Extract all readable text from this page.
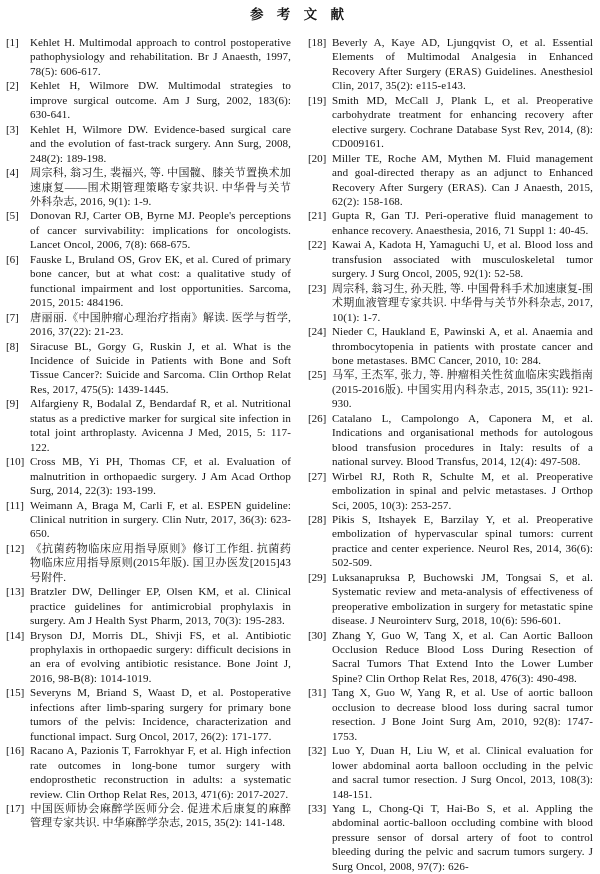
参 考 文 献
[1] Kehlet H. Multimodal approach to control postoperative pathophysiology and rehabilitation. Br J Anaesth, 1997, 78(5): 606-617.
[2] Kehlet H, Wilmore DW. Multimodal strategies to improve surgical outcome. Am J Surg, 2002, 183(6): 630-641.
[3] Kehlet H, Wilmore DW. Evidence-based surgical care and the evolution of fast-track surgery. Ann Surg, 2008, 248(2): 189-198.
[4] 周宗科, 翁习生, 裴福兴, 等. 中国髋、膝关节置换术加速康复——围术期管理策略专家共识. 中华骨与关节外科杂志, 2016, 9(1): 1-9.
[5] Donovan RJ, Carter OB, Byrne MJ. People's perceptions of cancer survivability: implications for oncologists. Lancet Oncol, 2006, 7(8): 668-675.
[6] Fauske L, Bruland OS, Grov EK, et al. Cured of primary bone cancer, but at what cost: a qualitative study of functional impairment and lost opportunities. Sarcoma, 2015, 2015: 484196.
[7] 唐丽丽.《中国肿瘤心理治疗指南》解读. 医学与哲学, 2016, 37(22): 21-23.
[8] Siracuse BL, Gorgy G, Ruskin J, et al. What is the Incidence of Suicide in Patients with Bone and Soft Tissue Cancer?: Suicide and Sarcoma. Clin Orthop Relat Res, 2017, 475(5): 1439-1445.
[9] Alfargieny R, Bodalal Z, Bendardaf R, et al. Nutritional status as a predictive marker for surgical site infection in total joint arthroplasty. Avicenna J Med, 2015, 5: 117-122.
[10] Cross MB, Yi PH, Thomas CF, et al. Evaluation of malnutrition in orthopaedic surgery. J Am Acad Orthop Surg, 2014, 22(3): 193-199.
[11] Weimann A, Braga M, Carli F, et al. ESPEN guideline: Clinical nutrition in surgery. Clin Nutr, 2017, 36(3): 623-650.
[12] 《抗菌药物临床应用指导原则》修订工作组. 抗菌药物临床应用指导原则(2015年版). 国卫办医发[2015]43号附件.
[13] Bratzler DW, Dellinger EP, Olsen KM, et al. Clinical practice guidelines for antimicrobial prophylaxis in surgery. Am J Health Syst Pharm, 2013, 70(3): 195-283.
[14] Bryson DJ, Morris DL, Shivji FS, et al. Antibiotic prophylaxis in orthopaedic surgery: difficult decisions in an era of evolving antibiotic resistance. Bone Joint J, 2016, 98-B(8): 1014-1019.
[15] Severyns M, Briand S, Waast D, et al. Postoperative infections after limb-sparing surgery for primary bone tumors of the pelvis: Incidence, characterization and functional impact. Surg Oncol, 2017, 26(2): 171-177.
[16] Racano A, Pazionis T, Farrokhyar F, et al. High infection rate outcomes in long-bone tumor surgery with endoprosthetic reconstruction in adults: a systematic review. Clin Orthop Relat Res, 2013, 471(6): 2017-2027.
[17] 中国医师协会麻醉学医师分会. 促进术后康复的麻醉管理专家共识. 中华麻醉学杂志, 2015, 35(2): 141-148.
[18] Beverly A, Kaye AD, Ljungqvist O, et al. Essential Elements of Multimodal Analgesia in Enhanced Recovery After Surgery (ERAS) Guidelines. Anesthesiol Clin, 2017, 35(2): e115-e143.
[19] Smith MD, McCall J, Plank L, et al. Preoperative carbohydrate treatment for enhancing recovery after elective surgery. Cochrane Database Syst Rev, 2014, (8): CD009161.
[20] Miller TE, Roche AM, Mythen M. Fluid management and goal-directed therapy as an adjunct to Enhanced Recovery After Surgery (ERAS). Can J Anaesth, 2015, 62(2): 158-168.
[21] Gupta R, Gan TJ. Peri-operative fluid management to enhance recovery. Anaesthesia, 2016, 71 Suppl 1: 40-45.
[22] Kawai A, Kadota H, Yamaguchi U, et al. Blood loss and transfusion associated with musculoskeletal tumor surgery. J Surg Oncol, 2005, 92(1): 52-58.
[23] 周宗科, 翁习生, 孙天胜, 等. 中国骨科手术加速康复-围术期血液管理专家共识. 中华骨与关节外科杂志, 2017, 10(1): 1-7.
[24] Nieder C, Haukland E, Pawinski A, et al. Anaemia and thrombocytopenia in patients with prostate cancer and bone metastases. BMC Cancer, 2010, 10: 284.
[25] 马军, 王杰军, 张力, 等. 肿瘤相关性贫血临床实践指南(2015-2016版). 中国实用内科杂志, 2015, 35(11): 921-930.
[26] Catalano L, Campolongo A, Caponera M, et al. Indications and organisational methods for autologous blood transfusion procedures in Italy: results of a national survey. Blood Transfus, 2014, 12(4): 497-508.
[27] Wirbel RJ, Roth R, Schulte M, et al. Preoperative embolization in spinal and pelvic metastases. J Orthop Sci, 2005, 10(3): 253-257.
[28] Pikis S, Itshayek E, Barzilay Y, et al. Preoperative embolization of hypervascular spinal tumors: current practice and center experience. Neurol Res, 2014, 36(6): 502-509.
[29] Luksanapruksa P, Buchowski JM, Tongsai S, et al. Systematic review and meta-analysis of effectiveness of preoperative embolization in surgery for metastatic spine disease. J Neurointerv Surg, 2018, 10(6): 596-601.
[30] Zhang Y, Guo W, Tang X, et al. Can Aortic Balloon Occlusion Reduce Blood Loss During Resection of Sacral Tumors That Extend Into the Lower Lumber Spine? Clin Orthop Relat Res, 2018, 476(3): 490-498.
[31] Tang X, Guo W, Yang R, et al. Use of aortic balloon occlusion to decrease blood loss during sacral tumor resection. J Bone Joint Surg Am, 2010, 92(8): 1747-1753.
[32] Luo Y, Duan H, Liu W, et al. Clinical evaluation for lower abdominal aorta balloon occluding in the pelvic and sacral tumor resection. J Surg Oncol, 2013, 108(3): 148-151.
[33] Yang L, Chong-Qi T, Hai-Bo S, et al. Appling the abdominal aortic-balloon occluding combine with blood pressure sensor of dorsal artery of foot to control bleeding during the pelvic and sacrum tumors surgery. J Surg Oncol, 2008, 97(7): 626-
